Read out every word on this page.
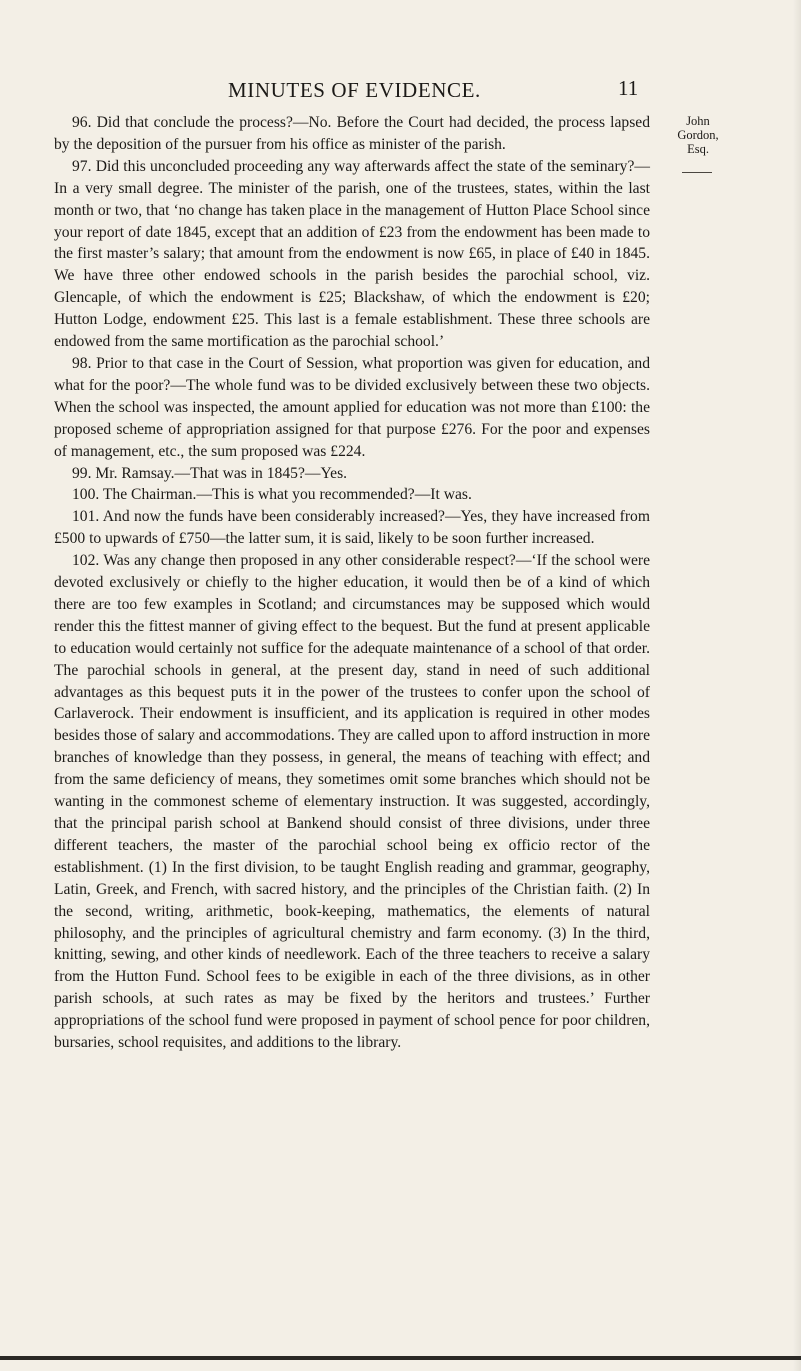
MINUTES OF EVIDENCE.	11
John
Gordon,
Esq.

96. Did that conclude the process?—No. Before the Court had decided, the process lapsed by the deposition of the pursuer from his office as minister of the parish.

97. Did this unconcluded proceeding any way afterwards affect the state of the seminary?—In a very small degree. The minister of the parish, one of the trustees, states, within the last month or two, that ‘no change has taken place in the management of Hutton Place School since your report of date 1845, except that an addition of £23 from the endowment has been made to the first master’s salary; that amount from the endowment is now £65, in place of £40 in 1845. We have three other endowed schools in the parish besides the parochial school, viz. Glencaple, of which the endowment is £25; Blackshaw, of which the endowment is £20; Hutton Lodge, endowment £25. This last is a female establishment. These three schools are endowed from the same mortification as the parochial school.’

98. Prior to that case in the Court of Session, what proportion was given for education, and what for the poor?—The whole fund was to be divided exclusively between these two objects. When the school was inspected, the amount applied for education was not more than £100: the proposed scheme of appropriation assigned for that purpose £276. For the poor and expenses of management, etc., the sum proposed was £224.

99. Mr. Ramsay.—That was in 1845?—Yes.

100. The Chairman.—This is what you recommended?—It was.

101. And now the funds have been considerably increased?—Yes, they have increased from £500 to upwards of £750—the latter sum, it is said, likely to be soon further increased.

102. Was any change then proposed in any other considerable respect?—‘If the school were devoted exclusively or chiefly to the higher education, it would then be of a kind of which there are too few examples in Scotland; and circumstances may be supposed which would render this the fittest manner of giving effect to the bequest. But the fund at present applicable to education would certainly not suffice for the adequate maintenance of a school of that order. The parochial schools in general, at the present day, stand in need of such additional advantages as this bequest puts it in the power of the trustees to confer upon the school of Carlaverock. Their endowment is insufficient, and its application is required in other modes besides those of salary and accommodations. They are called upon to afford instruction in more branches of knowledge than they possess, in general, the means of teaching with effect; and from the same deficiency of means, they sometimes omit some branches which should not be wanting in the commonest scheme of elementary instruction. It was suggested, accordingly, that the principal parish school at Bankend should consist of three divisions, under three different teachers, the master of the parochial school being ex officio rector of the establishment. (1) In the first division, to be taught English reading and grammar, geography, Latin, Greek, and French, with sacred history, and the principles of the Christian faith. (2) In the second, writing, arithmetic, book-keeping, mathematics, the elements of natural philosophy, and the principles of agricultural chemistry and farm economy. (3) In the third, knitting, sewing, and other kinds of needlework. Each of the three teachers to receive a salary from the Hutton Fund. School fees to be exigible in each of the three divisions, as in other parish schools, at such rates as may be fixed by the heritors and trustees.’ Further appropriations of the school fund were proposed in payment of school pence for poor children, bursaries, school requisites, and additions to the library.
